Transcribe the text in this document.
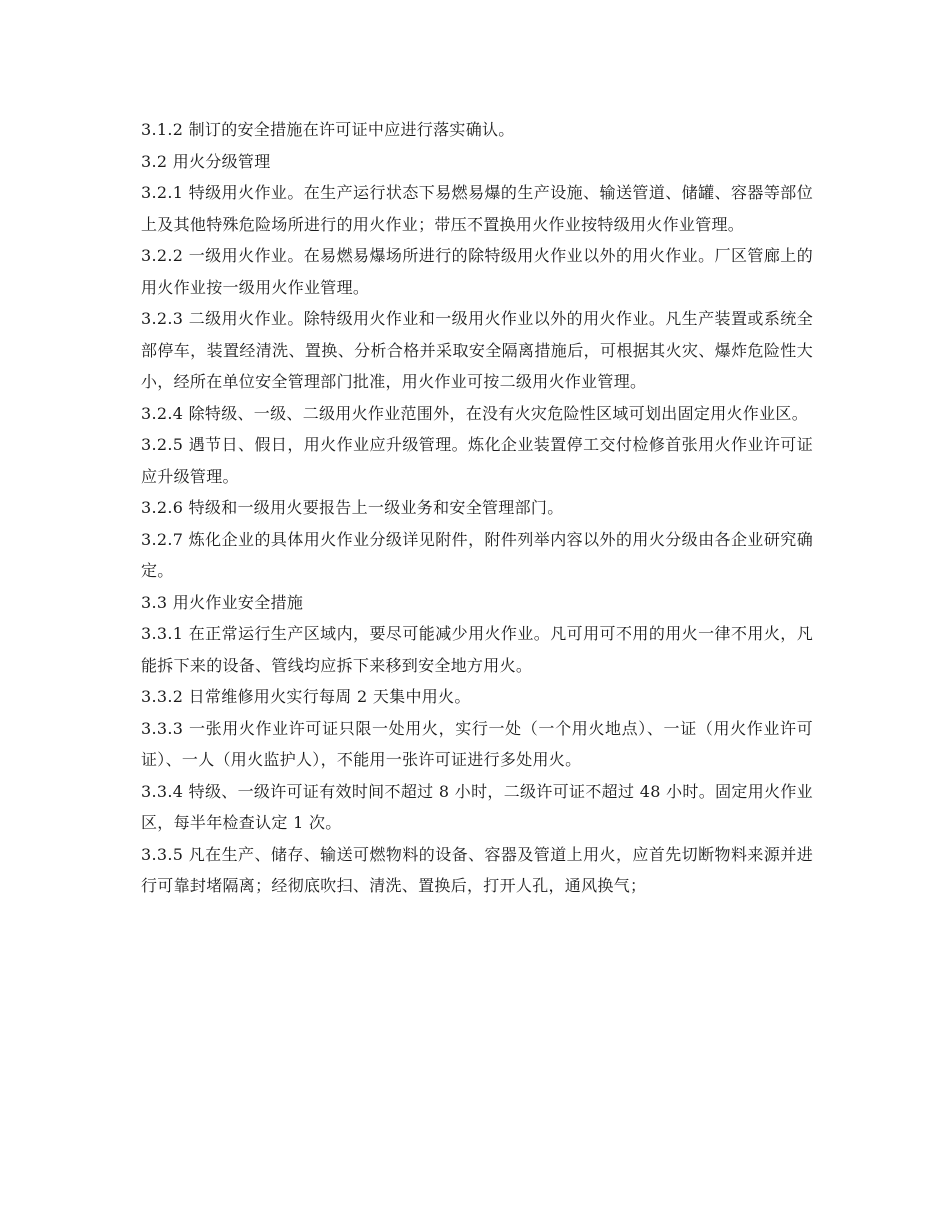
3.1.2 制订的安全措施在许可证中应进行落实确认。

3.2 用火分级管理

3.2.1 特级用火作业。在生产运行状态下易燃易爆的生产设施、输送管道、储罐、容器等部位上及其他特殊危险场所进行的用火作业；带压不置换用火作业按特级用火作业管理。

3.2.2 一级用火作业。在易燃易爆场所进行的除特级用火作业以外的用火作业。厂区管廊上的用火作业按一级用火作业管理。

3.2.3 二级用火作业。除特级用火作业和一级用火作业以外的用火作业。凡生产装置或系统全部停车，装置经清洗、置换、分析合格并采取安全隔离措施后，可根据其火灾、爆炸危险性大小，经所在单位安全管理部门批准，用火作业可按二级用火作业管理。

3.2.4 除特级、一级、二级用火作业范围外，在没有火灾危险性区域可划出固定用火作业区。

3.2.5 遇节日、假日，用火作业应升级管理。炼化企业装置停工交付检修首张用火作业许可证应升级管理。

3.2.6 特级和一级用火要报告上一级业务和安全管理部门。

3.2.7 炼化企业的具体用火作业分级详见附件，附件列举内容以外的用火分级由各企业研究确定。

3.3 用火作业安全措施

3.3.1 在正常运行生产区域内，要尽可能减少用火作业。凡可用可不用的用火一律不用火，凡能拆下来的设备、管线均应拆下来移到安全地方用火。

3.3.2 日常维修用火实行每周 2 天集中用火。

3.3.3 一张用火作业许可证只限一处用火，实行一处（一个用火地点）、一证（用火作业许可证）、一人（用火监护人），不能用一张许可证进行多处用火。

3.3.4 特级、一级许可证有效时间不超过 8 小时，二级许可证不超过 48 小时。固定用火作业区，每半年检查认定 1 次。

3.3.5 凡在生产、储存、输送可燃物料的设备、容器及管道上用火，应首先切断物料来源并进行可靠封堵隔离；经彻底吹扫、清洗、置换后，打开人孔，通风换气；
